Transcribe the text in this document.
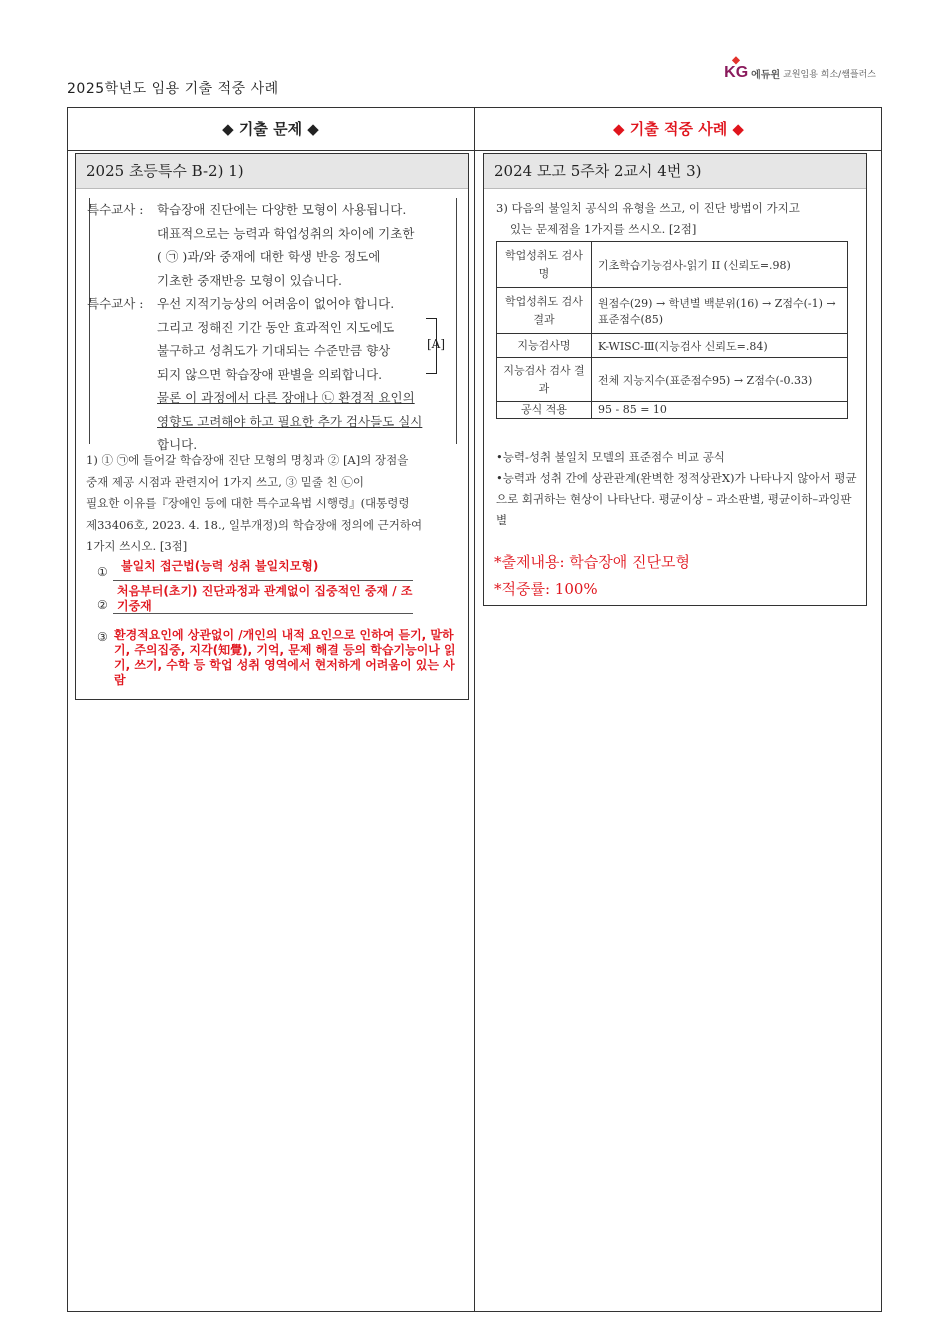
2025학년도 임용 기출 적중 사례
◆
KG 에듀윈 교원임용 희소/쌤플러스
◆ 기출 문제 ◆	◆ 기출 적중 사례 ◆
2025 초등특수 B-2) 1)
특수교사 :	학습장애 진단에는 다양한 모형이 사용됩니다.
대표적으로는 능력과 학업성취의 차이에 기초한
( ㉠ )과/와 중재에 대한 학생 반응 정도에
기초한 중재반응 모형이 있습니다.
특수교사 :	우선 지적기능상의 어려움이 없어야 합니다.
그리고 정해진 기간 동안 효과적인 지도에도
불구하고 성취도가 기대되는 수준만큼 향상
되지 않으면 학습장애 판별을 의뢰합니다.
물론 이 과정에서 다른 장애나 ㉡ 환경적 요인의
영향도 고려해야 하고 필요한 추가 검사들도 실시
합니다.
[A]
1) ① ㉠에 들어갈 학습장애 진단 모형의 명칭과 ② [A]의 장점을
중재 제공 시점과 관련지어 1가지 쓰고, ③ 밑줄 친 ㉡이
필요한 이유를『장애인 등에 대한 특수교육법 시행령』(대통령령
제33406호, 2023. 4. 18., 일부개정)의 학습장애 정의에 근거하여
1가지 쓰시오. [3점]
① 불일치 접근법(능력 성취 불일치모형)
②
처음부터(초기) 진단과정과 관계없이 집중적인 중재 / 조기중재
③ 환경적요인에 상관없이 /개인의 내적 요인으로 인하여 듣기, 말하기, 주의집중, 지각(知覺), 기억, 문제 해결 등의 학습기능이나 읽기, 쓰기, 수학 등 학업 성취 영역에서 현저하게 어려움이 있는 사람
2024 모고 5주차 2교시 4번 3)
3) 다음의 불일치 공식의 유형을 쓰고, 이 진단 방법이 가지고
있는 문제점을 1가지를 쓰시오. [2점]
학업성취도 검사명	기초학습기능검사-읽기 II (신뢰도=.98)
학업성취도 검사 결과	원점수(29) → 학년별 백분위(16) → Z점수(-1) → 표준점수(85)
지능검사명	K-WISC-Ⅲ(지능검사 신뢰도=.84)
지능검사 검사 결과	전체 지능지수(표준점수95) → Z점수(-0.33)
공식 적용	95 - 85 = 10
•능력-성취 불일치 모델의 표준점수 비교 공식
•능력과 성취 간에 상관관계(완벽한 정적상관X)가 나타나지 않아서 평균으로 회귀하는 현상이 나타난다. 평균이상 – 과소판별, 평균이하–과잉판별
*출제내용: 학습장애 진단모형
*적중률: 100%
